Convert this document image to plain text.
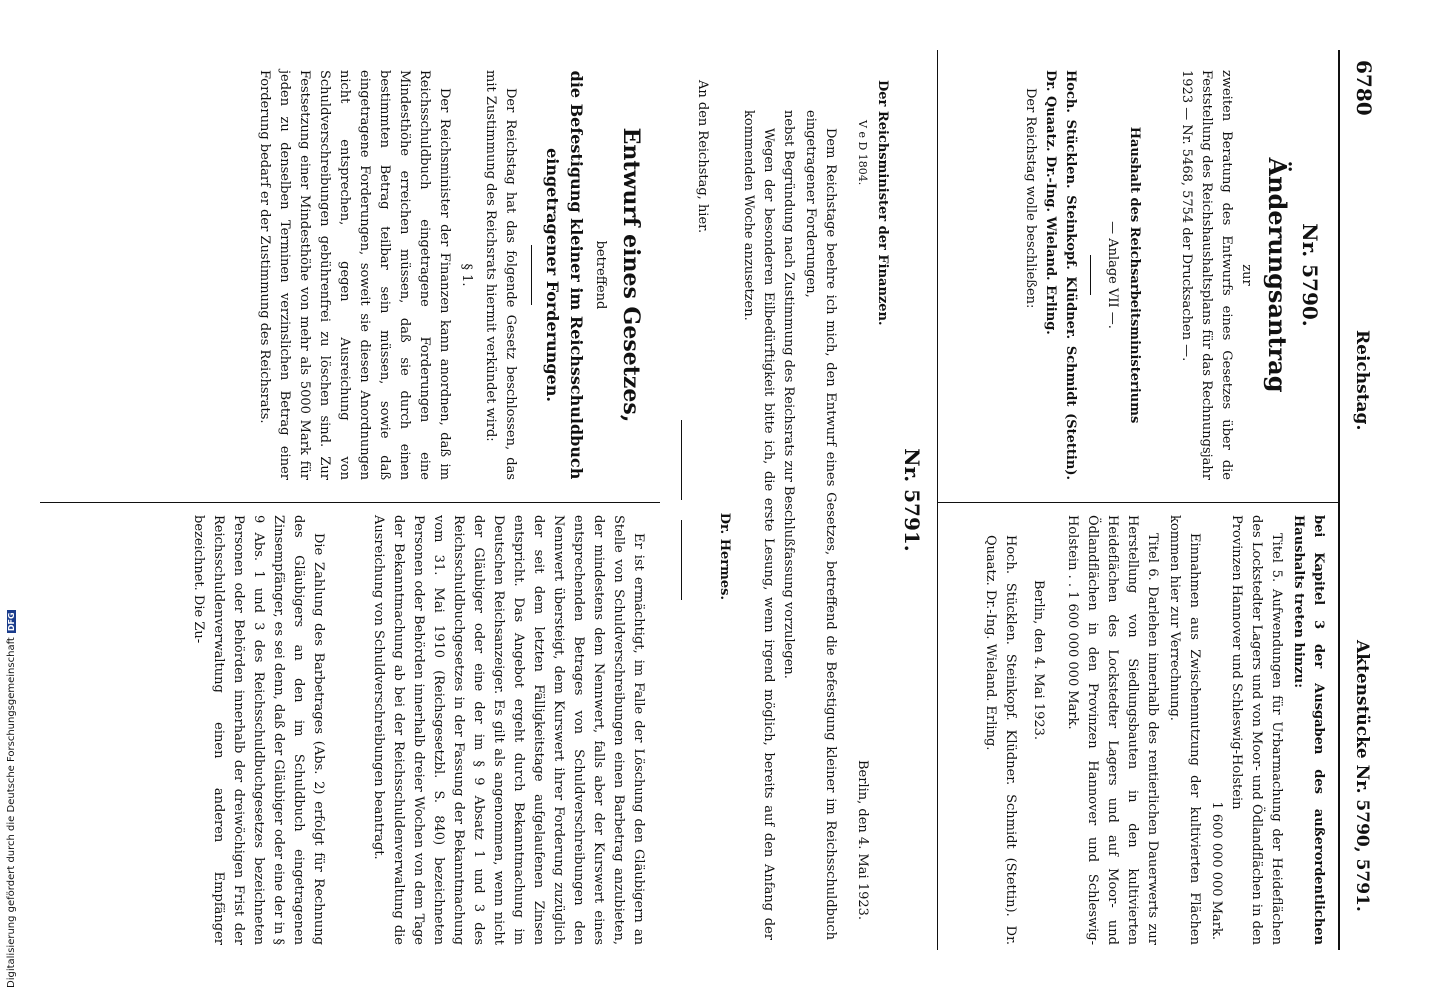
6780
Reichstag.
Aktenstücke Nr. 5790, 5791.
Nr. 5790.
Änderungsantrag
zur

zweiten Beratung des Entwurfs eines Gesetzes über die Feststellung des Reichshaushaltsplans für das Rechnungsjahr 1923 — Nr. 5468, 5754 der Drucksachen —.

Haushalt des Reichsarbeitsministeriums
— Anlage VII —.

Hoch. Stücklen. Steinkopf. Klüdner. Schmidt (Stettin). Dr. Quaatz. Dr.-Ing. Wieland. Erling.

Der Reichstag wolle beschließen:

bei Kapitel 3 der Ausgaben des außerordentlichen Haushalts treten hinzu:

Titel 5. Aufwendungen für Urbarmachung der Heideflächen des Lockstedter Lagers und von Moor- und Ödlandflächen in den Provinzen Hannover und Schleswig-Holstein

1 600 000 000 Mark.

Einnahmen aus Zwischennutzung der kultivierten Flächen kommen hier zur Verrechnung.

Titel 6. Darlehen innerhalb des rentierlichen Dauerwerts zur Herstellung von Siedlungsbauten in den kultivierten Heideflächen des Lockstedter Lagers und auf Moor- und Ödlandflächen in den Provinzen Hannover und Schleswig-Holstein . . 1 600 000 000 Mark.

Berlin, den 4. Mai 1923.

Hoch. Stücklen. Steinkopf. Klüdner. Schmidt (Stettin). Dr. Quaatz. Dr.-Ing. Wieland. Erling.

Nr. 5791.
Der Reichsminister der Finanzen.
V e D 1804.
Berlin, den 4. Mai 1923.

Dem Reichstage beehre ich mich, den Entwurf eines Gesetzes, betreffend die Befestigung kleiner im Reichsschuldbuch eingetragener Forderungen,

nebst Begründung nach Zustimmung des Reichsrats zur Beschlußfassung vorzulegen.

Wegen der besonderen Eilbedürftigkeit bitte ich, die erste Lesung, wenn irgend möglich, bereits auf den Anfang der kommenden Woche anzusetzen.

Dr. Hermes.
An den Reichstag, hier.
Entwurf eines Gesetzes,
betreffend

die Befestigung kleiner im Reichsschuldbuch eingetragener Forderungen.

Der Reichstag hat das folgende Gesetz beschlossen, das mit Zustimmung des Reichsrats hiermit verkündet wird:

§ 1.

Der Reichsminister der Finanzen kann anordnen, daß im Reichsschuldbuch eingetragene Forderungen eine Mindesthöhe erreichen müssen, daß sie durch einen bestimmten Betrag teilbar sein müssen, sowie daß eingetragene Forderungen, soweit sie diesen Anordnungen nicht entsprechen, gegen Ausreichung von Schuldverschreibungen gebührenfrei zu löschen sind. Zur Festsetzung einer Mindesthöhe von mehr als 5000 Mark für jeden zu denselben Terminen verzinslichen Betrag einer Forderung bedarf er der Zustimmung des Reichsrats.

Er ist ermächtigt, im Falle der Löschung den Gläubigern an Stelle von Schuldverschreibungen einen Barbetrag anzubieten, der mindestens dem Nennwert, falls aber der Kurswert eines entsprechenden Betrages von Schuldverschreibungen den Nennwert übersteigt, dem Kurswert ihrer Forderung zuzüglich der seit dem letzten Fälligkeitstage aufgelaufenen Zinsen entspricht. Das Angebot ergeht durch Bekanntmachung im Deutschen Reichsanzeiger. Es gilt als angenommen, wenn nicht der Gläubiger oder eine der im § 9 Absatz 1 und 3 des Reichsschuldbuchgesetzes in der Fassung der Bekanntmachung vom 31. Mai 1910 (Reichsgesetzbl. S. 840) bezeichneten Personen oder Behörden innerhalb dreier Wochen von dem Tage der Bekanntmachung ab bei der Reichsschuldenverwaltung die Ausreichung von Schuldverschreibungen beantragt.

Die Zahlung des Barbetrages (Abs. 2) erfolgt für Rechnung des Gläubigers an den im Schuldbuch eingetragenen Zinsempfänger, es sei denn, daß der Gläubiger oder eine der in § 9 Abs. 1 und 3 des Reichsschuldbuchgesetzes bezeichneten Personen oder Behörden innerhalb der dreiwöchigen Frist der Reichsschuldenverwaltung einen anderen Empfänger bezeichnet. Die Zu-

Digitalisierung gefördert durch die Deutsche ForschungsgemeinschaftDFG
